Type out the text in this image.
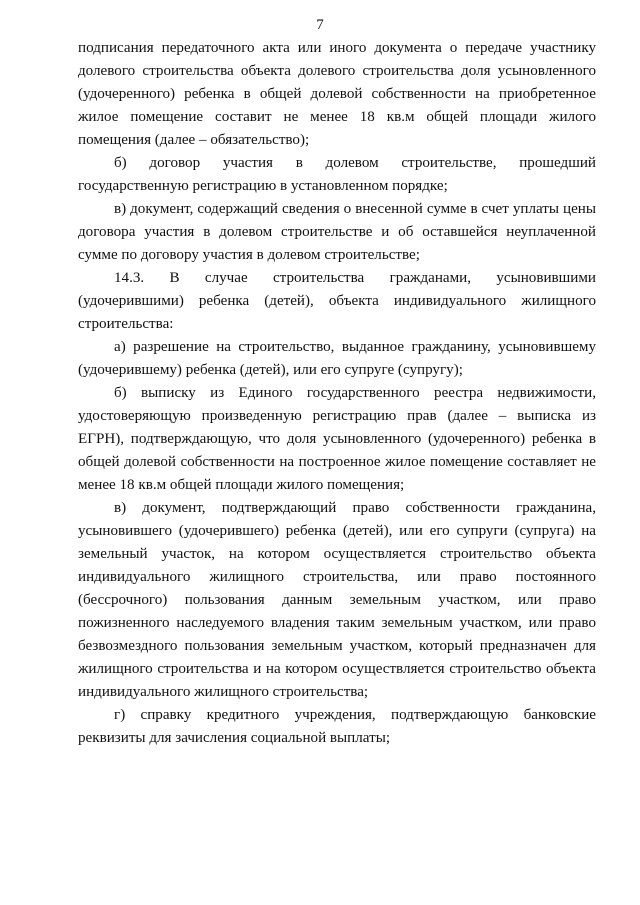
7

подписания передаточного акта или иного документа о передаче участнику долевого строительства объекта долевого строительства доля усыновленного (удочеренного) ребенка в общей долевой собственности на приобретенное жилое помещение составит не менее 18 кв.м общей площади жилого помещения (далее – обязательство);

б) договор участия в долевом строительстве, прошедший государственную регистрацию в установленном порядке;

в) документ, содержащий сведения о внесенной сумме в счет уплаты цены договора участия в долевом строительстве и об оставшейся неуплаченной сумме по договору участия в долевом строительстве;

14.3. В случае строительства гражданами, усыновившими (удочерившими) ребенка (детей), объекта индивидуального жилищного строительства:

а) разрешение на строительство, выданное гражданину, усыновившему (удочерившему) ребенка (детей), или его супруге (супругу);

б) выписку из Единого государственного реестра недвижимости, удостоверяющую произведенную регистрацию прав (далее – выписка из ЕГРН), подтверждающую, что доля усыновленного (удочеренного) ребенка в общей долевой собственности на построенное жилое помещение составляет не менее 18 кв.м общей площади жилого помещения;

в) документ, подтверждающий право собственности гражданина, усыновившего (удочерившего) ребенка (детей), или его супруги (супруга) на земельный участок, на котором осуществляется строительство объекта индивидуального жилищного строительства, или право постоянного (бессрочного) пользования данным земельным участком, или право пожизненного наследуемого владения таким земельным участком, или право безвозмездного пользования земельным участком, который предназначен для жилищного строительства и на котором осуществляется строительство объекта индивидуального жилищного строительства;

г) справку кредитного учреждения, подтверждающую банковские реквизиты для зачисления социальной выплаты;
